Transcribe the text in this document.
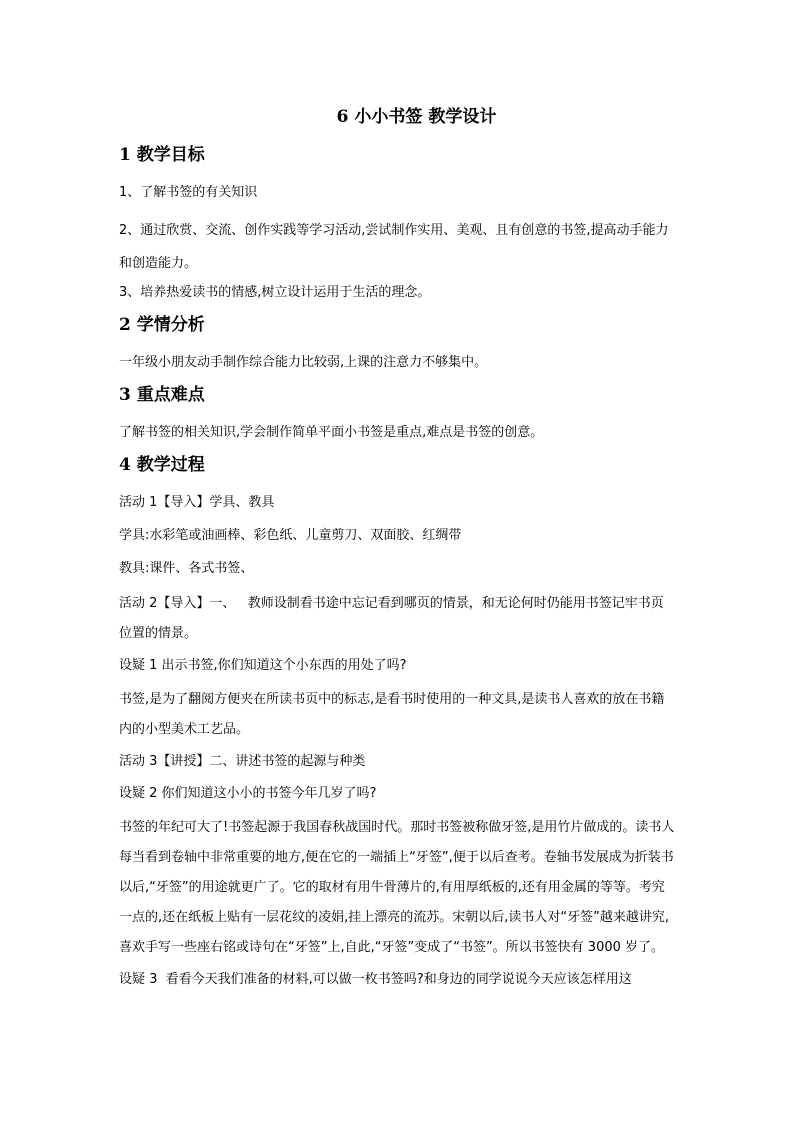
6 小小书签 教学设计
1 教学目标

1、了解书签的有关知识

2、通过欣赏、交流、创作实践等学习活动,尝试制作实用、美观、且有创意的书签,提高动手能力和创造能力。

3、培养热爱读书的情感,树立设计运用于生活的理念。

2 学情分析

一年级小朋友动手制作综合能力比较弱,上课的注意力不够集中。

3 重点难点

了解书签的相关知识,学会制作简单平面小书签是重点,难点是书签的创意。

4 教学过程

活动 1【导入】学具、教具

学具:水彩笔或油画棒、彩色纸、儿童剪刀、双面胶、红绸带

教具:课件、各式书签、

活动 2【导入】一、   教师设制看书途中忘记看到哪页的情景，和无论何时仍能用书签记牢书页位置的情景。

设疑 1 出示书签,你们知道这个小东西的用处了吗?

书签,是为了翻阅方便夹在所读书页中的标志,是看书时使用的一种文具,是读书人喜欢的放在书籍内的小型美术工艺品。

活动 3【讲授】二、讲述书签的起源与种类

设疑 2 你们知道这小小的书签今年几岁了吗?

书签的年纪可大了!书签起源于我国春秋战国时代。那时书签被称做牙签,是用竹片做成的。读书人每当看到卷轴中非常重要的地方,便在它的一端插上“牙签”,便于以后查考。卷轴书发展成为折装书以后,“牙签”的用途就更广了。它的取材有用牛骨薄片的,有用厚纸板的,还有用金属的等等。考究一点的,还在纸板上贴有一层花纹的凌娟,挂上漂亮的流苏。宋朝以后,读书人对“牙签”越来越讲究,喜欢手写一些座右铭或诗句在“牙签”上,自此,“牙签”变成了“书签”。所以书签快有 3000 岁了。

设疑 3  看看今天我们准备的材料,可以做一枚书签吗?和身边的同学说说今天应该怎样用这
